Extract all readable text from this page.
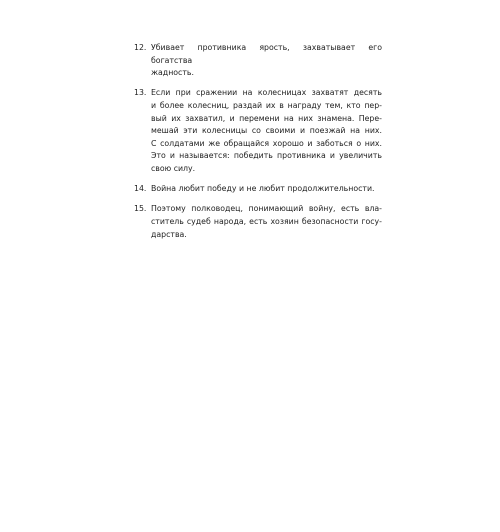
12. Убивает противника ярость, захватывает его богатства
жадность.
13. Если при сражении на колесницах захватят десять
и более колесниц, раздай их в награду тем, кто пер-
вый их захватил, и перемени на них знамена. Пере-
мешай эти колесницы со своими и поезжай на них.
С солдатами же обращайся хорошо и заботься о них.
Это и называется: победить противника и увеличить
свою силу.
14. Война любит победу и не любит продолжительности.
15. Поэтому полководец, понимающий войну, есть вла-
ститель судеб народа, есть хозяин безопасности госу-
дарства.
